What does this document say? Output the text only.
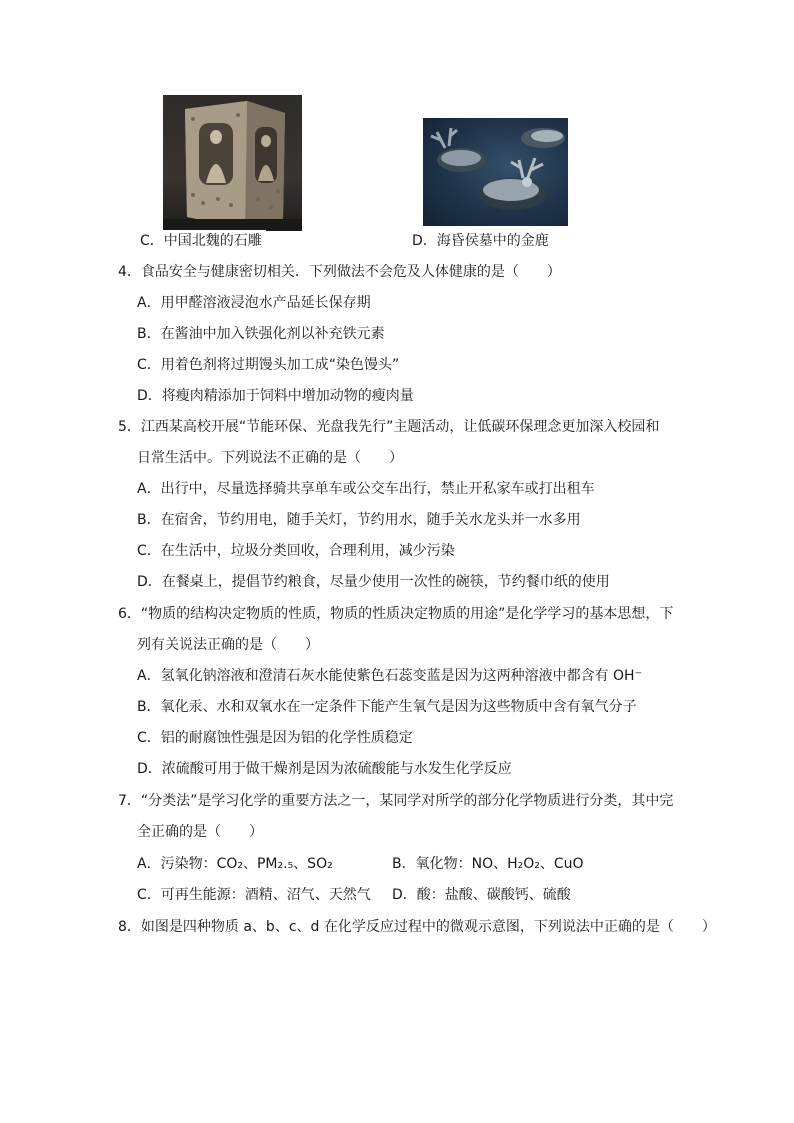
C．中国北魏的石雕	D．海昏侯墓中的金鹿
4．食品安全与健康密切相关．下列做法不会危及人体健康的是（　　）
A．用甲醛溶液浸泡水产品延长保存期
B．在酱油中加入铁强化剂以补充铁元素
C．用着色剂将过期馒头加工成“染色馒头”
D．将瘦肉精添加于饲料中增加动物的瘦肉量
5．江西某高校开展“节能环保、光盘我先行”主题活动，让低碳环保理念更加深入校园和
日常生活中。下列说法不正确的是（　　）
A．出行中，尽量选择骑共享单车或公交车出行，禁止开私家车或打出租车
B．在宿舍，节约用电，随手关灯，节约用水，随手关水龙头并一水多用
C．在生活中，垃圾分类回收，合理利用，减少污染
D．在餐桌上，提倡节约粮食，尽量少使用一次性的碗筷，节约餐巾纸的使用
6．“物质的结构决定物质的性质，物质的性质决定物质的用途”是化学学习的基本思想，下
列有关说法正确的是（　　）
A．氢氧化钠溶液和澄清石灰水能使紫色石蕊变蓝是因为这两种溶液中都含有 OH⁻
B．氧化汞、水和双氧水在一定条件下能产生氧气是因为这些物质中含有氧气分子
C．铝的耐腐蚀性强是因为铝的化学性质稳定
D．浓硫酸可用于做干燥剂是因为浓硫酸能与水发生化学反应
7．“分类法”是学习化学的重要方法之一，某同学对所学的部分化学物质进行分类，其中完
全正确的是（　　）
A．污染物：CO₂、PM₂.₅、SO₂	B．氧化物：NO、H₂O₂、CuO
C．可再生能源：酒精、沼气、天然气 D．酸：盐酸、碳酸钙、硫酸
8．如图是四种物质 a、b、c、d 在化学反应过程中的微观示意图，下列说法中正确的是（　　）
